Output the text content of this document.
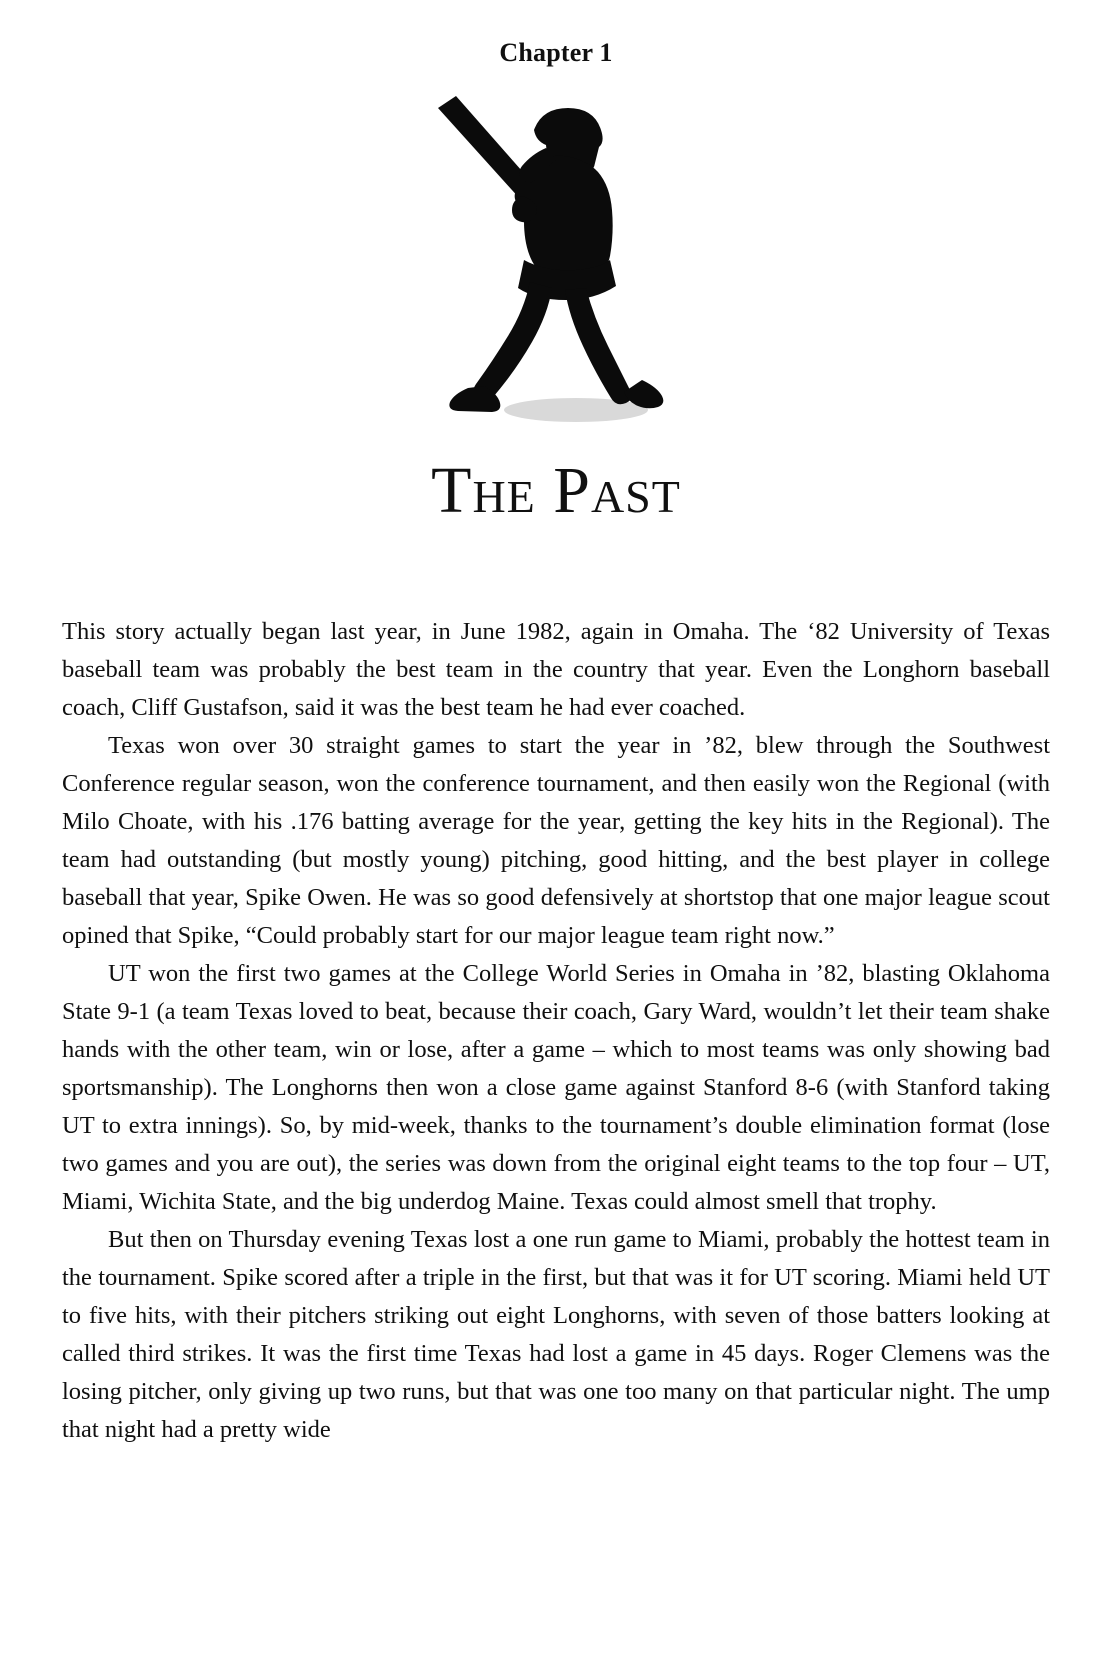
Chapter 1
The Past

This story actually began last year, in June 1982, again in Omaha. The ‘82 University of Texas baseball team was probably the best team in the country that year. Even the Longhorn baseball coach, Cliff Gustafson, said it was the best team he had ever coached.

Texas won over 30 straight games to start the year in ’82, blew through the Southwest Conference regular season, won the conference tournament, and then easily won the Regional (with Milo Choate, with his .176 batting average for the year, getting the key hits in the Regional). The team had outstanding (but mostly young) pitching, good hitting, and the best player in college baseball that year, Spike Owen. He was so good defensively at shortstop that one major league scout opined that Spike, “Could probably start for our major league team right now.”

UT won the first two games at the College World Series in Omaha in ’82, blasting Oklahoma State 9-1 (a team Texas loved to beat, because their coach, Gary Ward, wouldn’t let their team shake hands with the other team, win or lose, after a game – which to most teams was only showing bad sportsmanship). The Longhorns then won a close game against Stanford 8-6 (with Stanford taking UT to extra innings). So, by mid-week, thanks to the tournament’s double elimination format (lose two games and you are out), the series was down from the original eight teams to the top four – UT, Miami, Wichita State, and the big underdog Maine. Texas could almost smell that trophy.

But then on Thursday evening Texas lost a one run game to Miami, probably the hottest team in the tournament. Spike scored after a triple in the first, but that was it for UT scoring. Miami held UT to five hits, with their pitchers striking out eight Longhorns, with seven of those batters looking at called third strikes. It was the first time Texas had lost a game in 45 days. Roger Clemens was the losing pitcher, only giving up two runs, but that was one too many on that particular night. The ump that night had a pretty wide
